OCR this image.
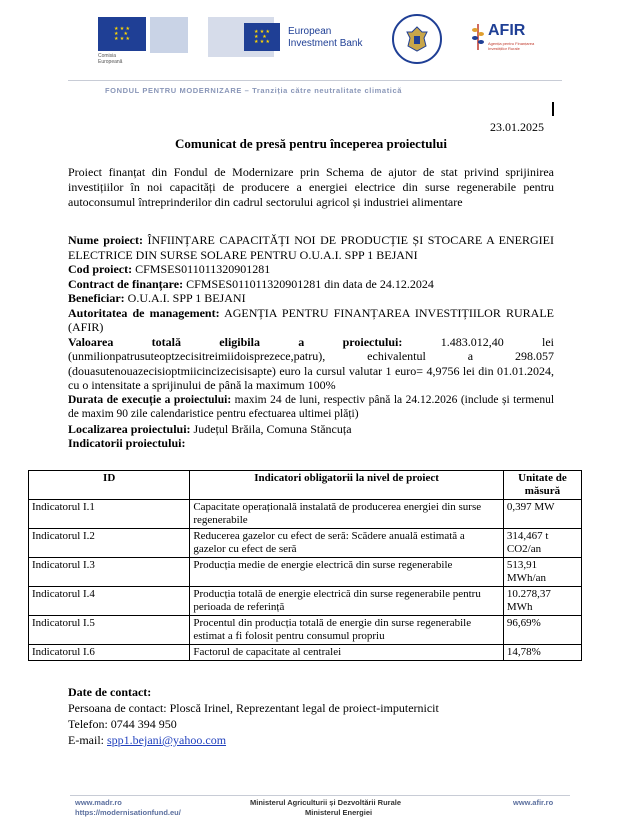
★ ★ ★
★    ★
★ ★ ★
Comisia
Europeană
★ ★ ★
★   ★
★ ★ ★
European
Investment Bank
AFIR
Agenția pentru Finanțarea Investițiilor Rurale
FONDUL PENTRU MODERNIZARE – Tranziția către neutralitate climatică
23.01.2025
Comunicat de presă pentru începerea proiectului
Proiect finanțat din Fondul de Modernizare prin Schema de ajutor de stat privind sprijinirea investițiilor în noi capacități de producere a energiei electrice din surse regenerabile pentru autoconsumul întreprinderilor din cadrul sectorului agricol și industriei alimentare

Nume proiect: ÎNFIINȚARE CAPACITĂȚI NOI DE PRODUCȚIE ȘI STOCARE A ENERGIEI ELECTRICE DIN SURSE SOLARE PENTRU O.U.A.I. SPP 1 BEJANI

Cod proiect: CFMSES011011320901281

Contract de finanțare: CFMSES011011320901281 din data de 24.12.2024

Beneficiar: O.U.A.I. SPP 1 BEJANI

Autoritatea de management: AGENȚIA PENTRU FINANȚAREA INVESTIȚIILOR RURALE (AFIR)

Valoarea totală eligibila a proiectului:	1.483.012,40 lei (unmilionpatrusuteoptzecisitreimiidoisprezece,patru), echivalentul a 298.057 (douasutenouazecisioptmiicincizecisisapte) euro la cursul valutar 1 euro= 4,9756 lei din 01.01.2024, cu o intensitate a sprijinului de până la maximum 100%

Durata de execuție a proiectului: maxim 24 de luni, respectiv până la 24.12.2026 (include și termenul de maxim 90 zile calendaristice pentru efectuarea ultimei plăți)

Localizarea proiectului: Județul Brăila, Comuna Stăncuța

Indicatorii proiectului:

ID	Indicatori obligatorii la nivel de proiect	Unitate de măsură
Indicatorul I.1	Capacitate operațională instalată de producerea energiei din surse regenerabile	0,397 MW
Indicatorul I.2	Reducerea gazelor cu efect de seră: Scădere anuală estimată a gazelor cu efect de seră	314,467 t CO2/an
Indicatorul I.3	Producția medie de energie electrică din surse regenerabile	513,91 MWh/an
Indicatorul I.4	Producția totală de energie electrică din surse regenerabile pentru perioada de referință	10.278,37 MWh
Indicatorul I.5	Procentul din producția totală de energie din surse regenerabile estimat a fi folosit pentru consumul propriu	96,69%
Indicatorul I.6	Factorul de capacitate al centralei	14,78%
Date de contact:
Persoana de contact: Ploscă Irinel, Reprezentant legal de proiect-imputernicit
Telefon: 0744 394 950
E-mail: spp1.bejani@yahoo.com
www.madr.ro
https://modernisationfund.eu/
Ministerul Agriculturii și Dezvoltării Rurale
Ministerul Energiei
www.afir.ro
